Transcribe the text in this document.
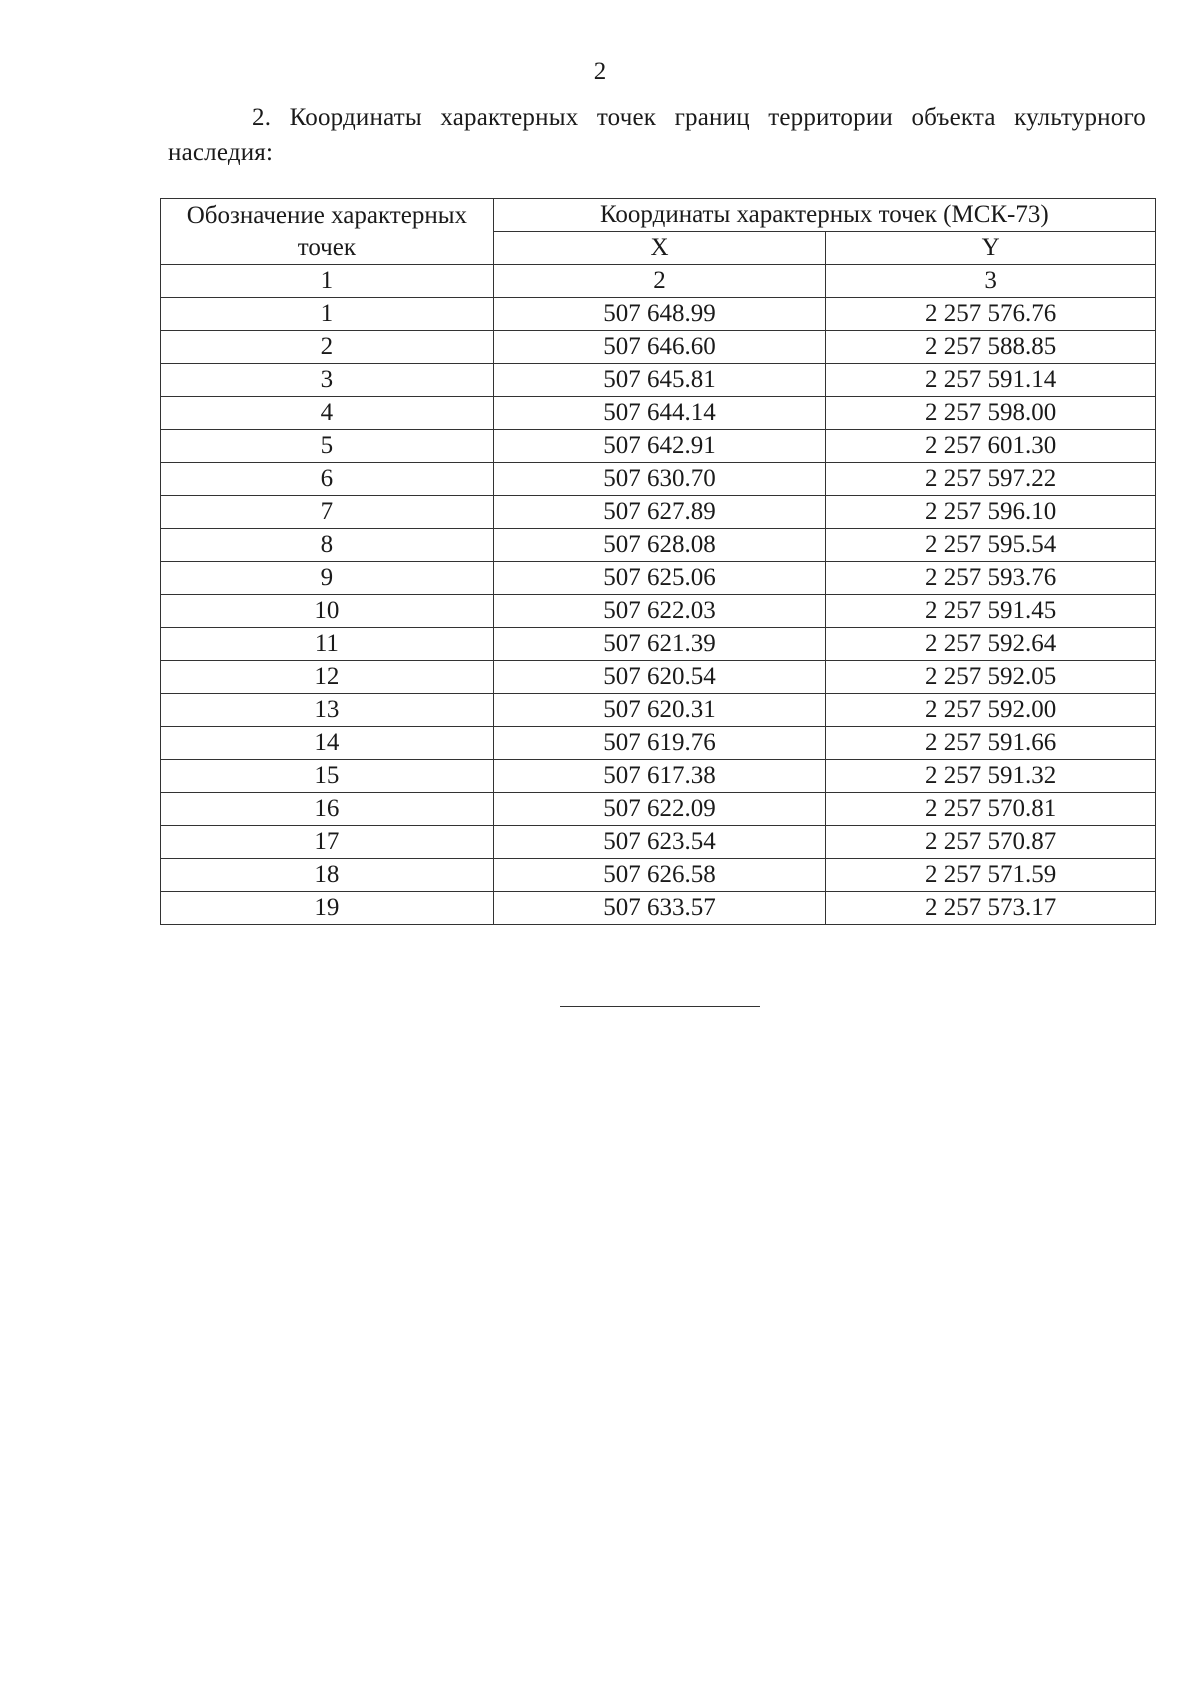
2
2. Координаты характерных точек границ территории объекта культурного наследия:
Обозначение характерных точек	Координаты характерных точек (МСК-73)	
	X	Y
1	2	3
1	507 648.99	2 257 576.76
2	507 646.60	2 257 588.85
3	507 645.81	2 257 591.14
4	507 644.14	2 257 598.00
5	507 642.91	2 257 601.30
6	507 630.70	2 257 597.22
7	507 627.89	2 257 596.10
8	507 628.08	2 257 595.54
9	507 625.06	2 257 593.76
10	507 622.03	2 257 591.45
11	507 621.39	2 257 592.64
12	507 620.54	2 257 592.05
13	507 620.31	2 257 592.00
14	507 619.76	2 257 591.66
15	507 617.38	2 257 591.32
16	507 622.09	2 257 570.81
17	507 623.54	2 257 570.87
18	507 626.58	2 257 571.59
19	507 633.57	2 257 573.17
